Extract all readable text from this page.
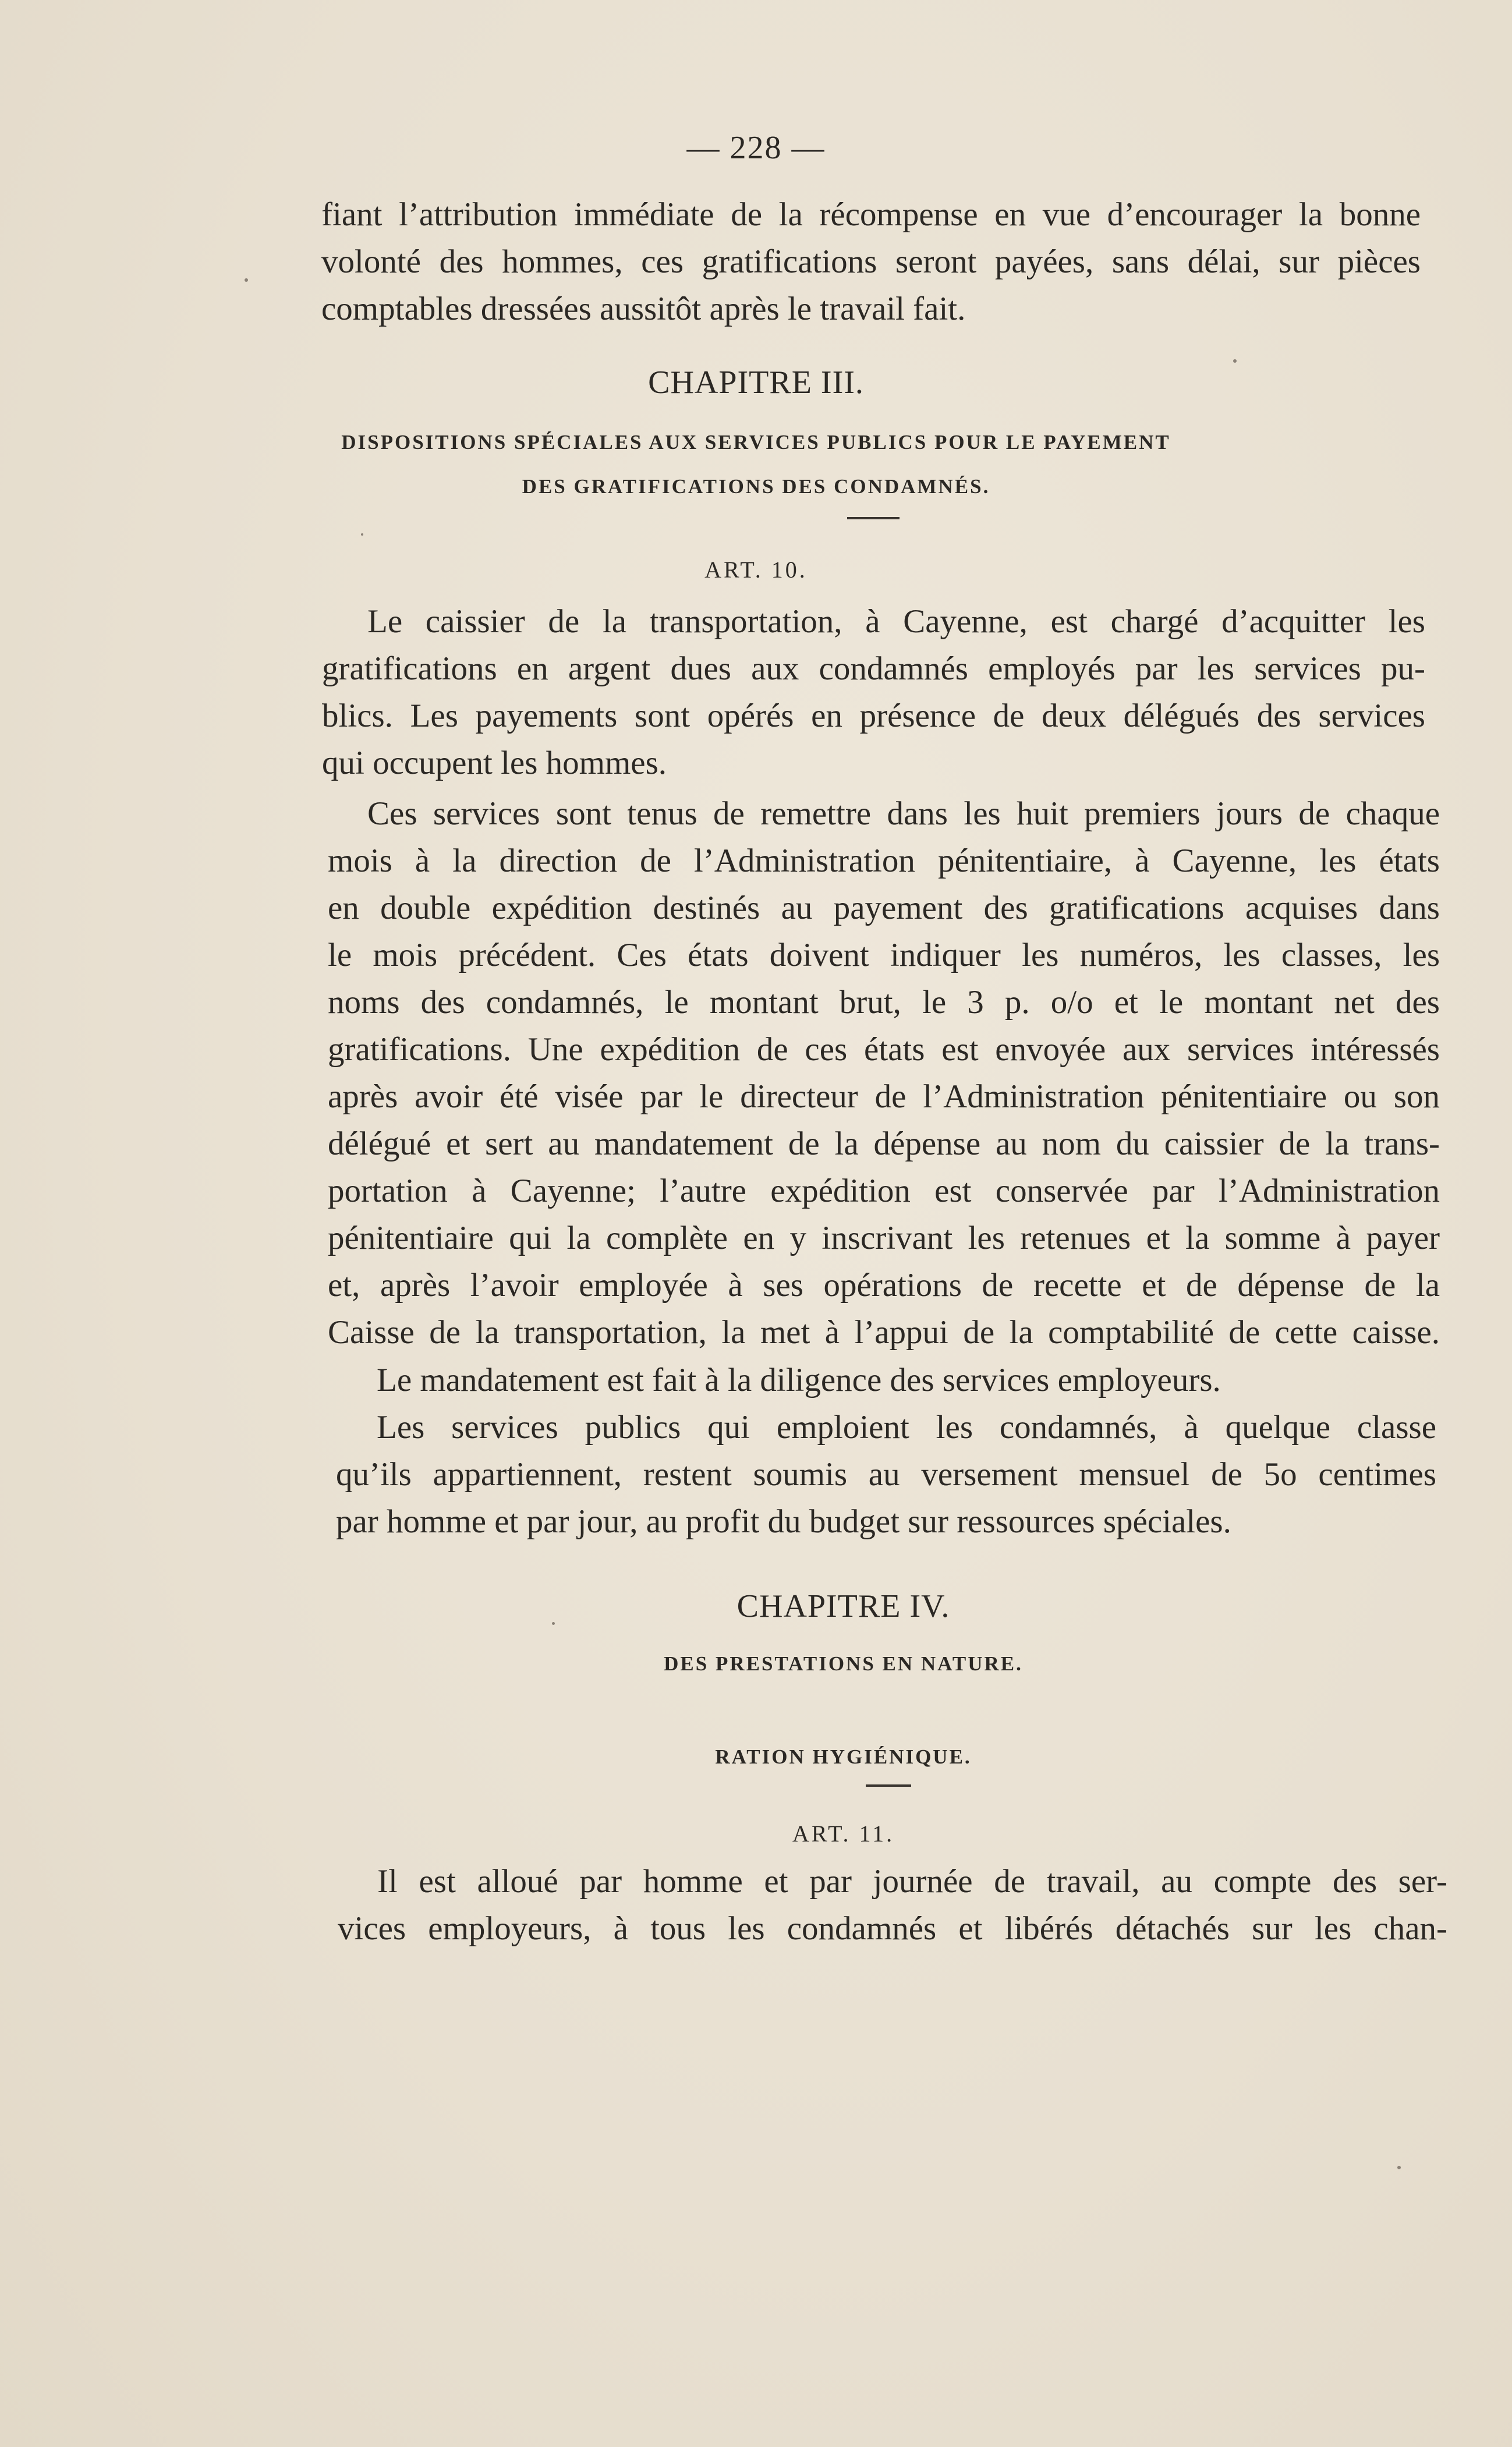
— 228 —
fiant l’attribution immédiate de la récompense en vue d’encourager la bonne
volonté des hommes, ces gratifications seront payées, sans délai, sur pièces
comptables dressées aussitôt après le travail fait.
CHAPITRE III.
DISPOSITIONS SPÉCIALES AUX SERVICES PUBLICS POUR LE PAYEMENT
DES GRATIFICATIONS DES CONDAMNÉS.
ART. 10.
Le caissier de la transportation, à Cayenne, est chargé d’acquitter les
gratifications en argent dues aux condamnés employés par les services pu-
blics. Les payements sont opérés en présence de deux délégués des services
qui occupent les hommes.
Ces services sont tenus de remettre dans les huit premiers jours de chaque
mois à la direction de l’Administration pénitentiaire, à Cayenne, les états
en double expédition destinés au payement des gratifications acquises dans
le mois précédent. Ces états doivent indiquer les numéros, les classes, les
noms des condamnés, le montant brut, le 3 p. o/o et le montant net des
gratifications. Une expédition de ces états est envoyée aux services intéressés
après avoir été visée par le directeur de l’Administration pénitentiaire ou son
délégué et sert au mandatement de la dépense au nom du caissier de la trans-
portation à Cayenne; l’autre expédition est conservée par l’Administration
pénitentiaire qui la complète en y inscrivant les retenues et la somme à payer
et, après l’avoir employée à ses opérations de recette et de dépense de la
Caisse de la transportation, la met à l’appui de la comptabilité de cette caisse.
Le mandatement est fait à la diligence des services employeurs.
Les services publics qui emploient les condamnés, à quelque classe
qu’ils appartiennent, restent soumis au versement mensuel de 5o centimes
par homme et par jour, au profit du budget sur ressources spéciales.
CHAPITRE IV.
DES PRESTATIONS EN NATURE.
RATION HYGIÉNIQUE.
ART. 11.
Il est alloué par homme et par journée de travail, au compte des ser-
vices employeurs, à tous les condamnés et libérés détachés sur les chan-
